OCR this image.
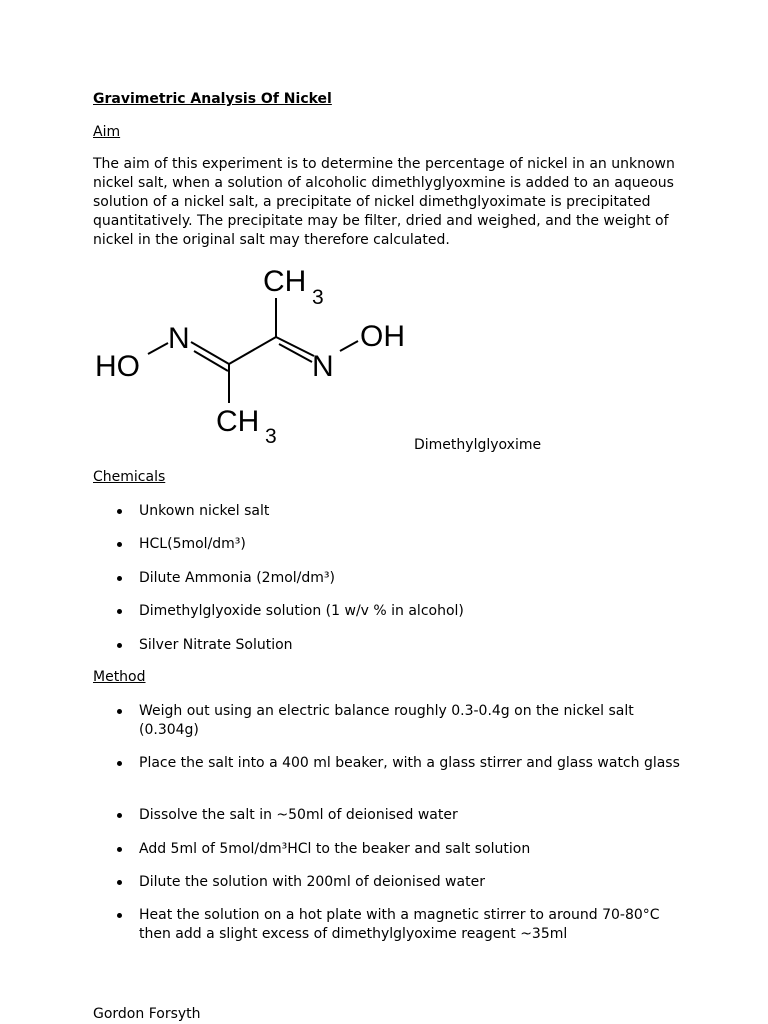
Gravimetric Analysis Of Nickel
Aim
The aim of this experiment is to determine the percentage of nickel in an unknown nickel salt, when a solution of alcoholic dimethlyglyoxmine is added to an aqueous solution of a nickel salt, a precipitate of nickel dimethglyoximate is precipitated quantitatively. The precipitate may be filter, dried and weighed, and the weight of nickel in the original salt may therefore calculated.
CH 3
N	OH
HO	N
CH 3	Dimethylglyoxime
Chemicals
Unkown nickel salt
HCL(5mol/dm³)
Dilute Ammonia (2mol/dm³)
Dimethylglyoxide solution (1 w/v % in alcohol)
Silver Nitrate Solution
Method
Weigh out using an electric balance roughly 0.3-0.4g on the nickel salt (0.304g)
Place the salt into a 400 ml beaker, with a glass stirrer and glass watch glass
Dissolve the salt in ~50ml of deionised water
Add 5ml of 5mol/dm³HCl to the beaker and salt solution
Dilute the solution with 200ml of deionised water
Heat the solution on a hot plate with a magnetic stirrer to around 70-80°C then add a slight excess of dimethylglyoxime reagent ~35ml
Gordon Forsyth
